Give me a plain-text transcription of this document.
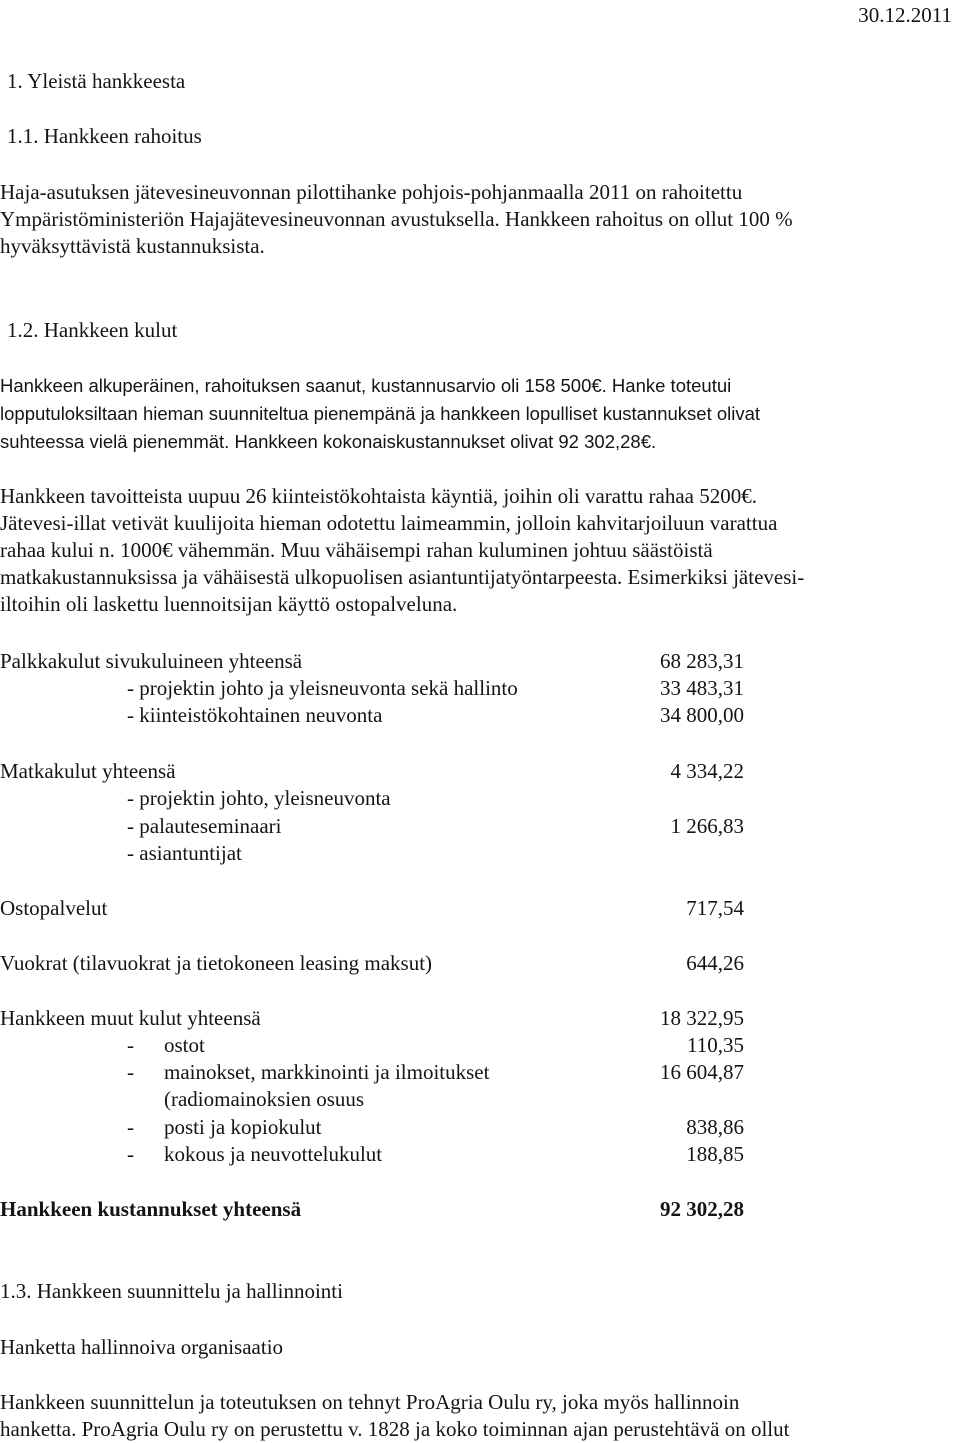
30.12.2011
1. Yleistä hankkeesta
1.1. Hankkeen rahoitus
Haja-asutuksen jätevesineuvonnan pilottihanke pohjois-pohjanmaalla 2011 on rahoitettu
Ympäristöministeriön Hajajätevesineuvonnan avustuksella. Hankkeen rahoitus on ollut 100 %
hyväksyttävistä kustannuksista.
1.2. Hankkeen kulut
Hankkeen alkuperäinen, rahoituksen saanut, kustannusarvio oli 158 500€. Hanke toteutui
lopputuloksiltaan hieman suunniteltua pienempänä ja hankkeen lopulliset kustannukset olivat
suhteessa vielä pienemmät. Hankkeen kokonaiskustannukset olivat 92 302,28€.
Hankkeen tavoitteista uupuu 26 kiinteistökohtaista käyntiä, joihin oli varattu rahaa 5200€.
Jätevesi-illat vetivät kuulijoita hieman odotettu laimeammin, jolloin kahvitarjoiluun varattua
rahaa kului n. 1000€ vähemmän. Muu vähäisempi rahan kuluminen johtuu säästöistä
matkakustannuksissa ja vähäisestä ulkopuolisen asiantuntijatyöntarpeesta. Esimerkiksi jätevesi-
iltoihin oli laskettu luennoitsijan käyttö ostopalveluna.
Palkkakulut sivukuluineen yhteensä	68 283,31
- projektin johto ja yleisneuvonta sekä hallinto	33 483,31
- kiinteistökohtainen neuvonta	34 800,00
Matkakulut yhteensä	4 334,22
- projektin johto, yleisneuvonta
- palauteseminaari	1 266,83
- asiantuntijat
Ostopalvelut	717,54
Vuokrat (tilavuokrat ja tietokoneen leasing maksut)	644,26
Hankkeen muut kulut yhteensä	18 322,95
- ostot	110,35
- mainokset, markkinointi ja ilmoitukset	16 604,87
(radiomainoksien osuus
- posti ja kopiokulut	838,86
- kokous ja neuvottelukulut	188,85
Hankkeen kustannukset yhteensä	92 302,28
1.3. Hankkeen suunnittelu ja hallinnointi
Hanketta hallinnoiva organisaatio
Hankkeen suunnittelun ja toteutuksen on tehnyt ProAgria Oulu ry, joka myös hallinnoin
hanketta. ProAgria Oulu ry on perustettu v. 1828 ja koko toiminnan ajan perustehtävä on ollut
